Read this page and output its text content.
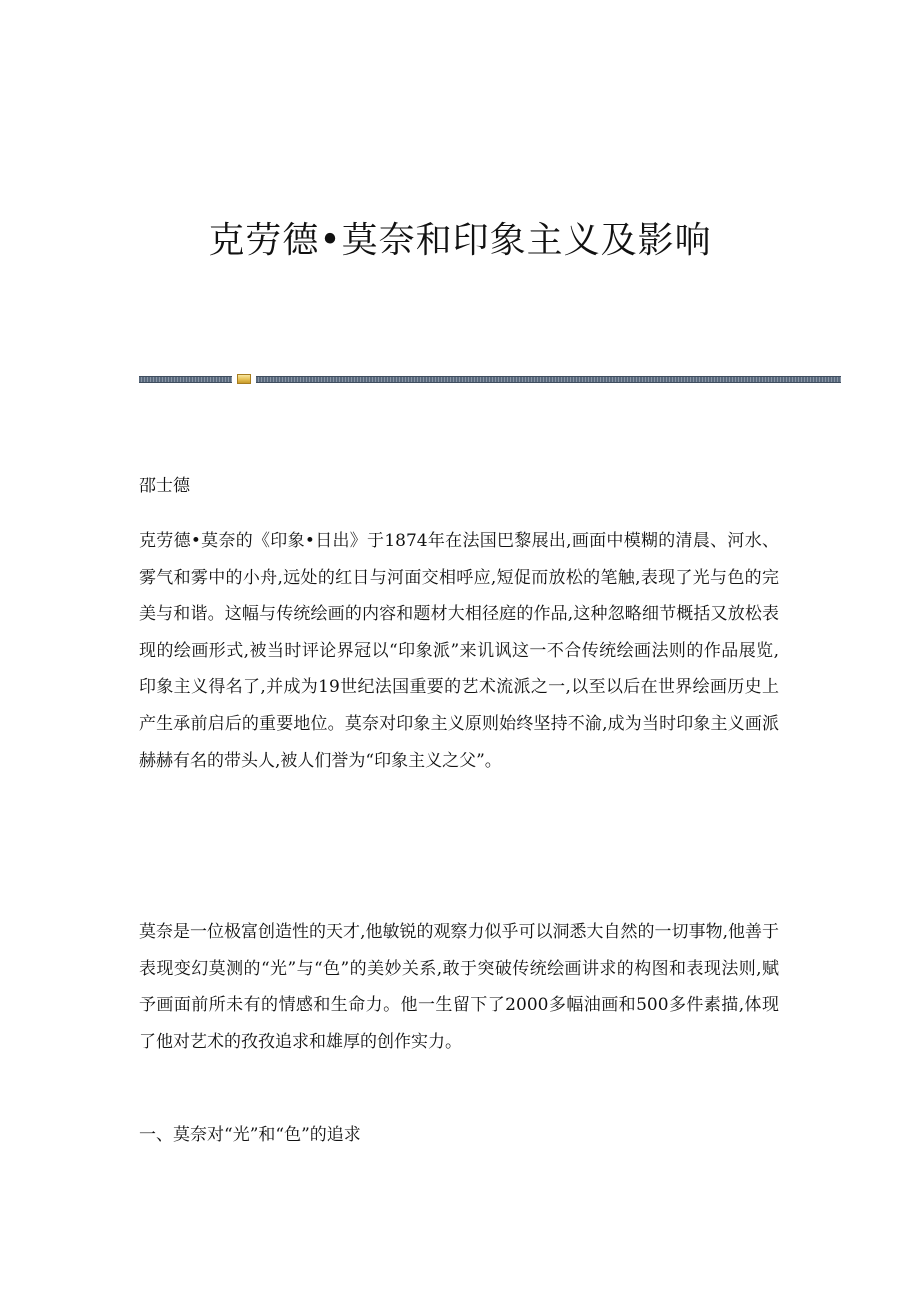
克劳德•莫奈和印象主义及影响

邵士德

克劳德•莫奈的《印象•日出》于1874年在法国巴黎展出,画面中模糊的清晨、河水、雾气和雾中的小舟,远处的红日与河面交相呼应,短促而放松的笔触,表现了光与色的完美与和谐。这幅与传统绘画的内容和题材大相径庭的作品,这种忽略细节概括又放松表现的绘画形式,被当时评论界冠以“印象派”来讥讽这一不合传统绘画法则的作品展览,印象主义得名了,并成为19世纪法国重要的艺术流派之一,以至以后在世界绘画历史上产生承前启后的重要地位。莫奈对印象主义原则始终坚持不渝,成为当时印象主义画派赫赫有名的带头人,被人们誉为“印象主义之父”。

莫奈是一位极富创造性的天才,他敏锐的观察力似乎可以洞悉大自然的一切事物,他善于表现变幻莫测的“光”与“色”的美妙关系,敢于突破传统绘画讲求的构图和表现法则,赋予画面前所未有的情感和生命力。他一生留下了2000多幅油画和500多件素描,体现了他对艺术的孜孜追求和雄厚的创作实力。

一、莫奈对“光”和“色”的追求
